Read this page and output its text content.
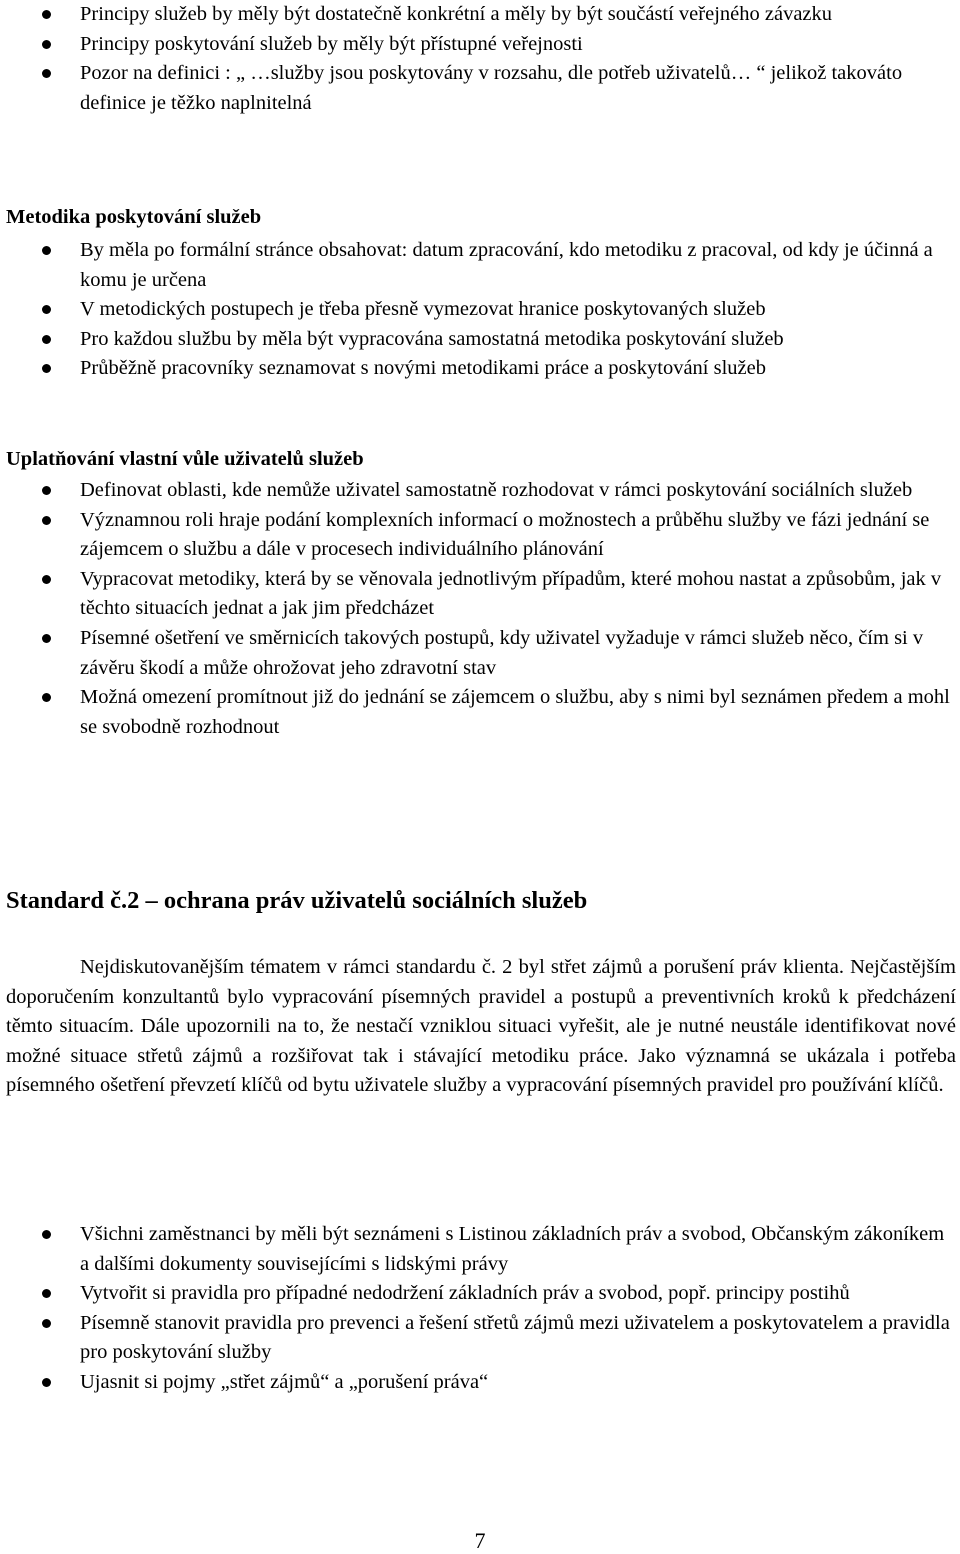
Principy služeb by měly být dostatečně konkrétní a měly by být součástí veřejného závazku
Principy poskytování služeb by měly být přístupné veřejnosti
Pozor na definici : „ …služby jsou poskytovány v rozsahu, dle potřeb uživatelů… “ jelikož takováto definice je těžko naplnitelná
Metodika poskytování služeb
By měla po formální stránce obsahovat: datum zpracování, kdo metodiku z pracoval, od kdy je účinná a komu je určena
V metodických postupech je třeba přesně vymezovat hranice poskytovaných služeb
Pro každou službu by měla být vypracována samostatná metodika poskytování služeb
Průběžně pracovníky seznamovat s novými metodikami práce a poskytování služeb
Uplatňování vlastní vůle uživatelů služeb
Definovat oblasti, kde nemůže uživatel samostatně rozhodovat v rámci poskytování sociálních služeb
Významnou roli hraje podání komplexních informací o možnostech a průběhu služby ve fázi jednání se zájemcem o službu a dále v procesech individuálního plánování
Vypracovat metodiky, která by se věnovala jednotlivým případům, které mohou nastat a způsobům, jak v těchto situacích jednat a jak jim předcházet
Písemné ošetření ve směrnicích takových postupů, kdy uživatel vyžaduje v rámci služeb něco, čím si v závěru škodí a může ohrožovat jeho zdravotní stav
Možná omezení promítnout již do jednání se zájemcem o službu, aby s nimi byl seznámen předem a mohl se svobodně rozhodnout
Standard č.2 – ochrana práv uživatelů sociálních služeb

Nejdiskutovanějším tématem v rámci standardu č. 2 byl střet zájmů a porušení práv klienta. Nejčastějším doporučením konzultantů bylo vypracování písemných pravidel a postupů a preventivních kroků k předcházení těmto situacím. Dále upozornili na to, že nestačí vzniklou situaci vyřešit, ale je nutné neustále identifikovat nové možné situace střetů zájmů a rozšiřovat tak i stávající metodiku práce. Jako významná se ukázala i potřeba písemného ošetření převzetí klíčů od bytu uživatele služby a vypracování písemných pravidel pro používání klíčů.

Všichni zaměstnanci by měli být seznámeni s Listinou základních práv a svobod, Občanským zákoníkem a dalšími dokumenty souvisejícími s lidskými právy
Vytvořit si pravidla pro případné nedodržení základních práv a svobod, popř. principy postihů
Písemně stanovit pravidla pro prevenci a řešení střetů zájmů mezi uživatelem a poskytovatelem a pravidla pro poskytování služby
Ujasnit si pojmy „střet zájmů“ a „porušení práva“
7
